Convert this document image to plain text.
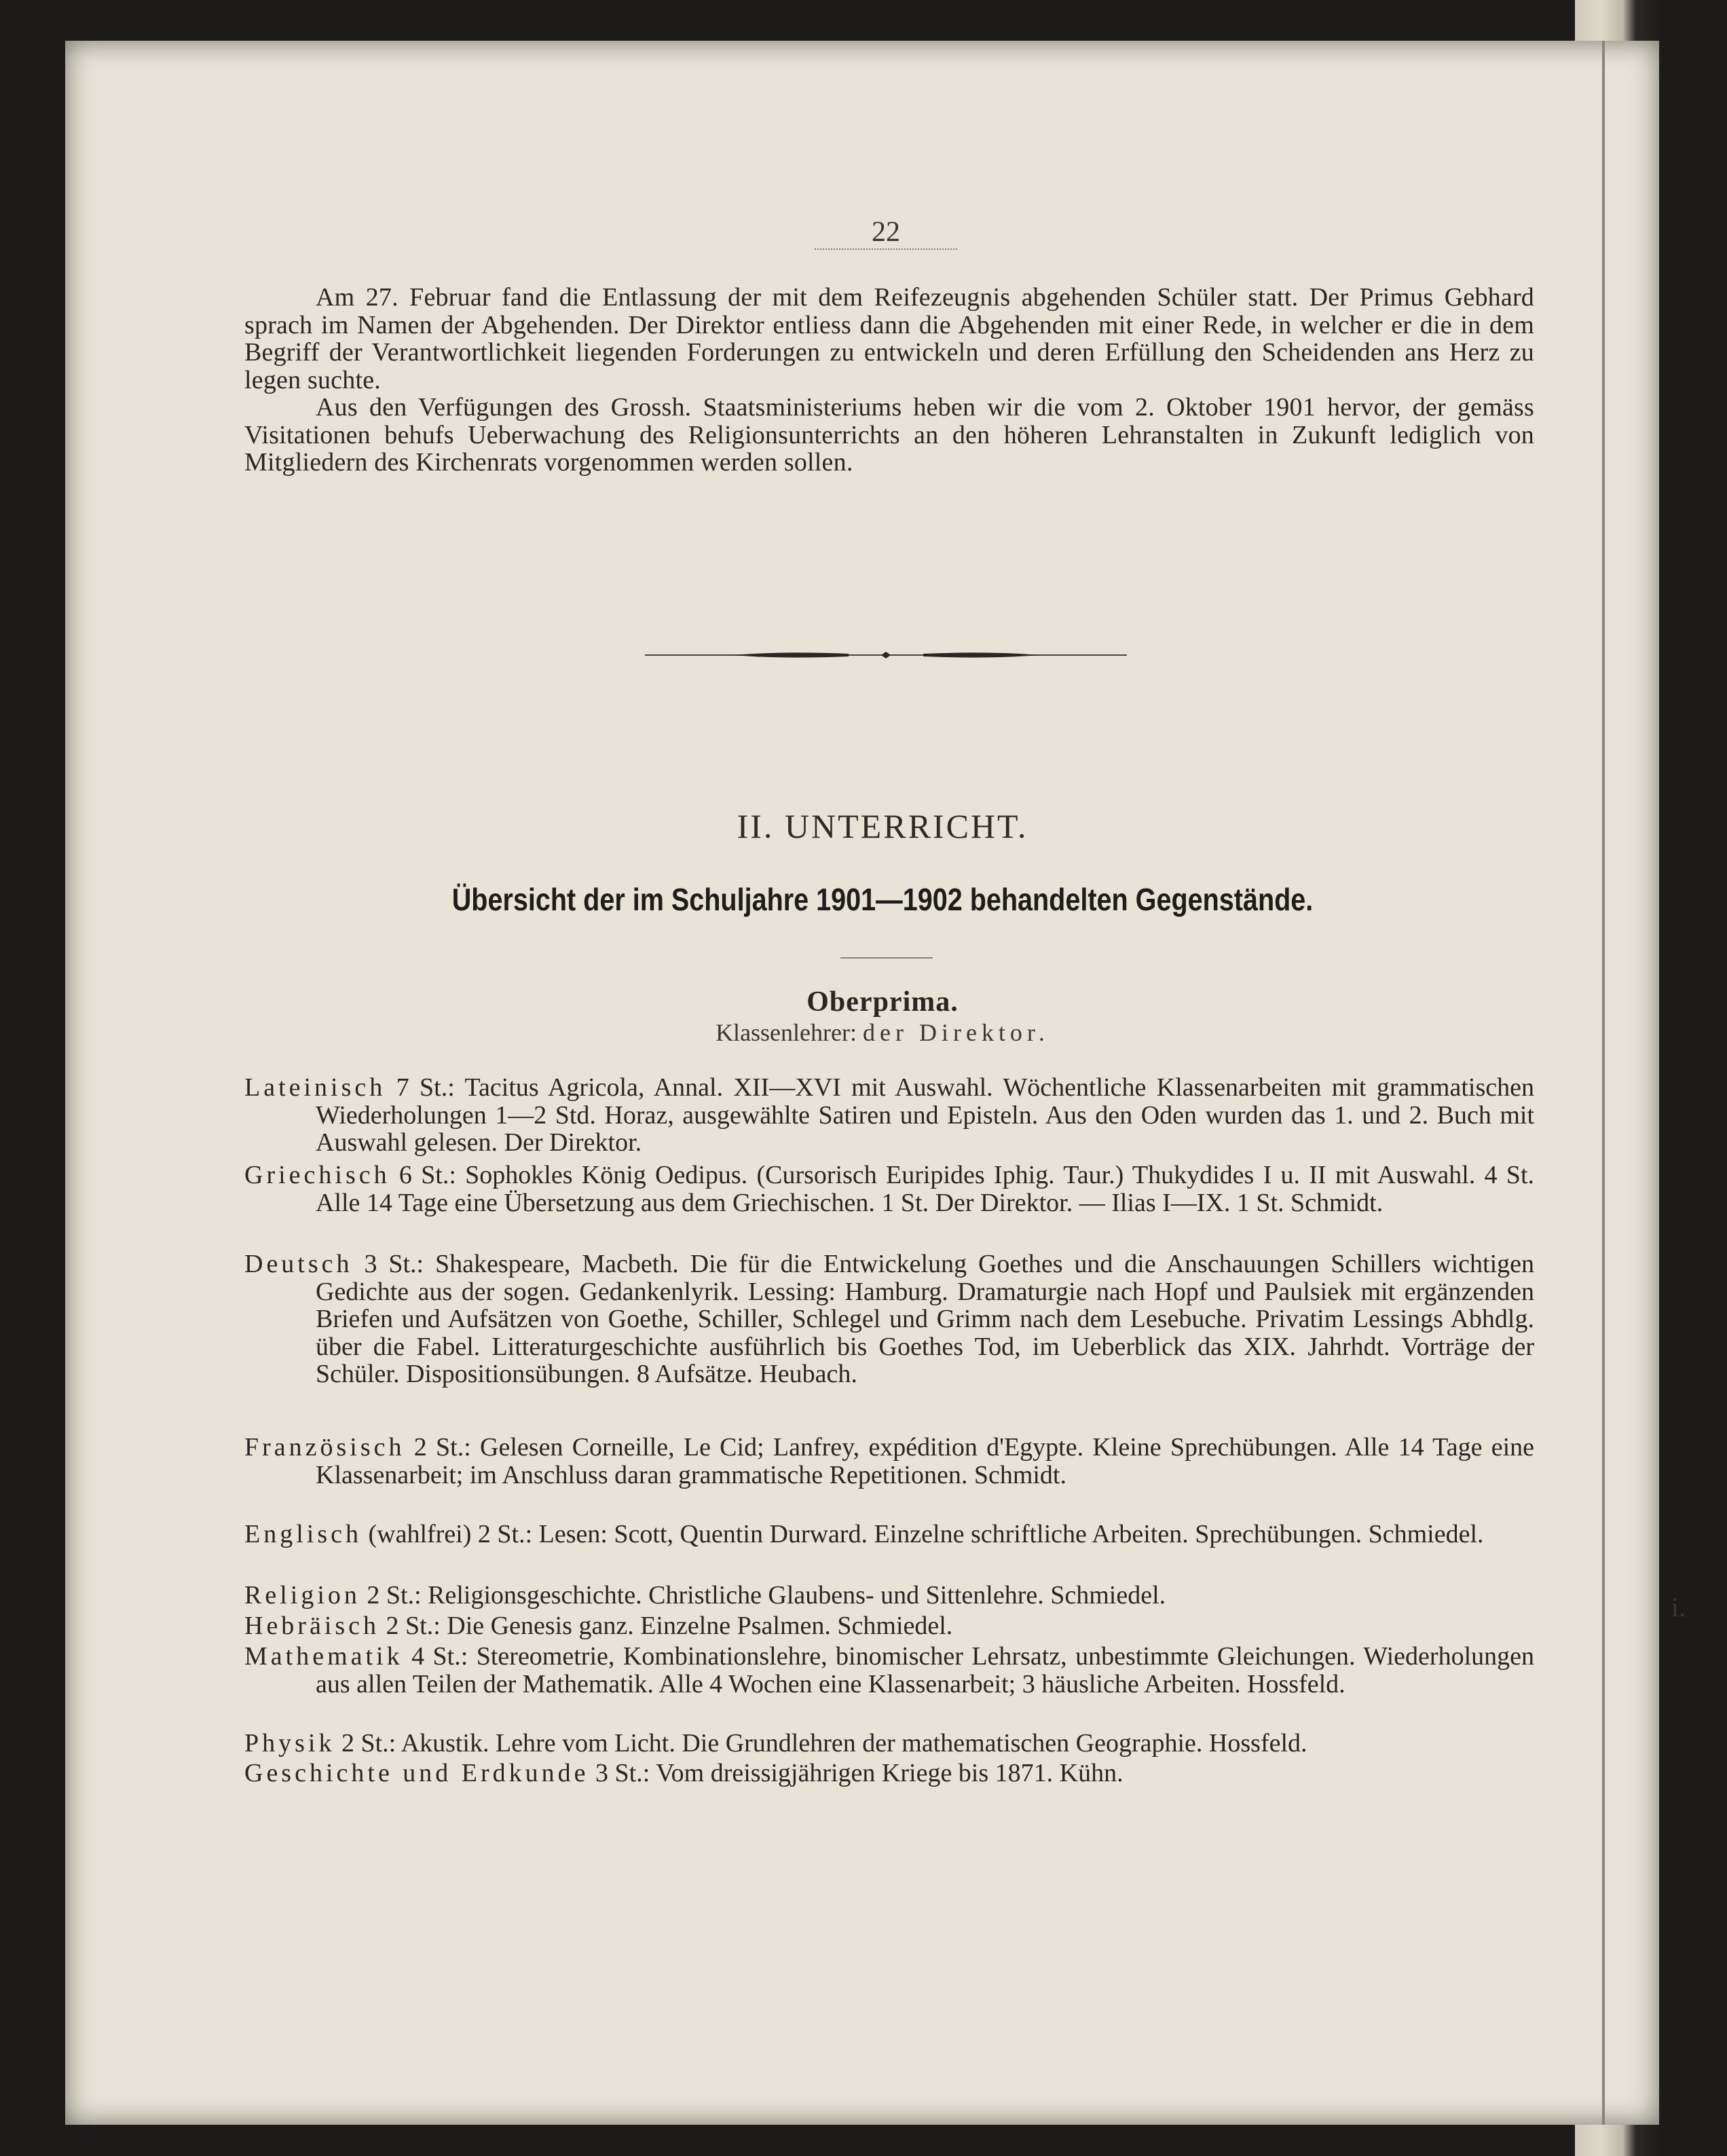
22
Am 27. Februar fand die Entlassung der mit dem Reifezeugnis abgehenden Schüler statt. Der Primus Gebhard sprach im Namen der Abgehenden. Der Direktor entliess dann die Abgehenden mit einer Rede, in welcher er die in dem Begriff der Verantwortlichkeit liegenden Forderungen zu entwickeln und deren Erfüllung den Scheidenden ans Herz zu legen suchte.
Aus den Verfügungen des Grossh. Staatsministeriums heben wir die vom 2. Oktober 1901 hervor, der gemäss Visitationen behufs Ueberwachung des Religionsunterrichts an den höheren Lehranstalten in Zukunft lediglich von Mitgliedern des Kirchenrats vorgenommen werden sollen.
II. UNTERRICHT.
Übersicht der im Schuljahre 1901—1902 behandelten Gegenstände.
Oberprima.
Klassenlehrer: der Direktor.
Lateinisch 7 St.: Tacitus Agricola, Annal. XII—XVI mit Auswahl. Wöchentliche Klassenarbeiten mit grammatischen Wiederholungen 1—2 Std. Horaz, ausgewählte Satiren und Episteln. Aus den Oden wurden das 1. und 2. Buch mit Auswahl gelesen. Der Direktor.
Griechisch 6 St.: Sophokles König Oedipus. (Cursorisch Euripides Iphig. Taur.) Thukydides I u. II mit Auswahl. 4 St. Alle 14 Tage eine Übersetzung aus dem Griechischen. 1 St. Der Direktor. — Ilias I—IX. 1 St. Schmidt.
Deutsch 3 St.: Shakespeare, Macbeth. Die für die Entwickelung Goethes und die Anschauungen Schillers wichtigen Gedichte aus der sogen. Gedankenlyrik. Lessing: Hamburg. Dramaturgie nach Hopf und Paulsiek mit ergänzenden Briefen und Aufsätzen von Goethe, Schiller, Schlegel und Grimm nach dem Lesebuche. Privatim Lessings Abhdlg. über die Fabel. Litteraturgeschichte ausführlich bis Goethes Tod, im Ueberblick das XIX. Jahrhdt. Vorträge der Schüler. Dispositionsübungen. 8 Aufsätze. Heubach.
Französisch 2 St.: Gelesen Corneille, Le Cid; Lanfrey, expédition d'Egypte. Kleine Sprechübungen. Alle 14 Tage eine Klassenarbeit; im Anschluss daran grammatische Repetitionen. Schmidt.
Englisch (wahlfrei) 2 St.: Lesen: Scott, Quentin Durward. Einzelne schriftliche Arbeiten. Sprechübungen. Schmiedel.
Religion 2 St.: Religionsgeschichte. Christliche Glaubens- und Sittenlehre. Schmiedel.
Hebräisch 2 St.: Die Genesis ganz. Einzelne Psalmen. Schmiedel.
Mathematik 4 St.: Stereometrie, Kombinationslehre, binomischer Lehrsatz, unbestimmte Gleichungen. Wiederholungen aus allen Teilen der Mathematik. Alle 4 Wochen eine Klassenarbeit; 3 häusliche Arbeiten. Hossfeld.
Physik 2 St.: Akustik. Lehre vom Licht. Die Grundlehren der mathematischen Geographie. Hossfeld.
Geschichte und Erdkunde 3 St.: Vom dreissigjährigen Kriege bis 1871. Kühn.
i.
